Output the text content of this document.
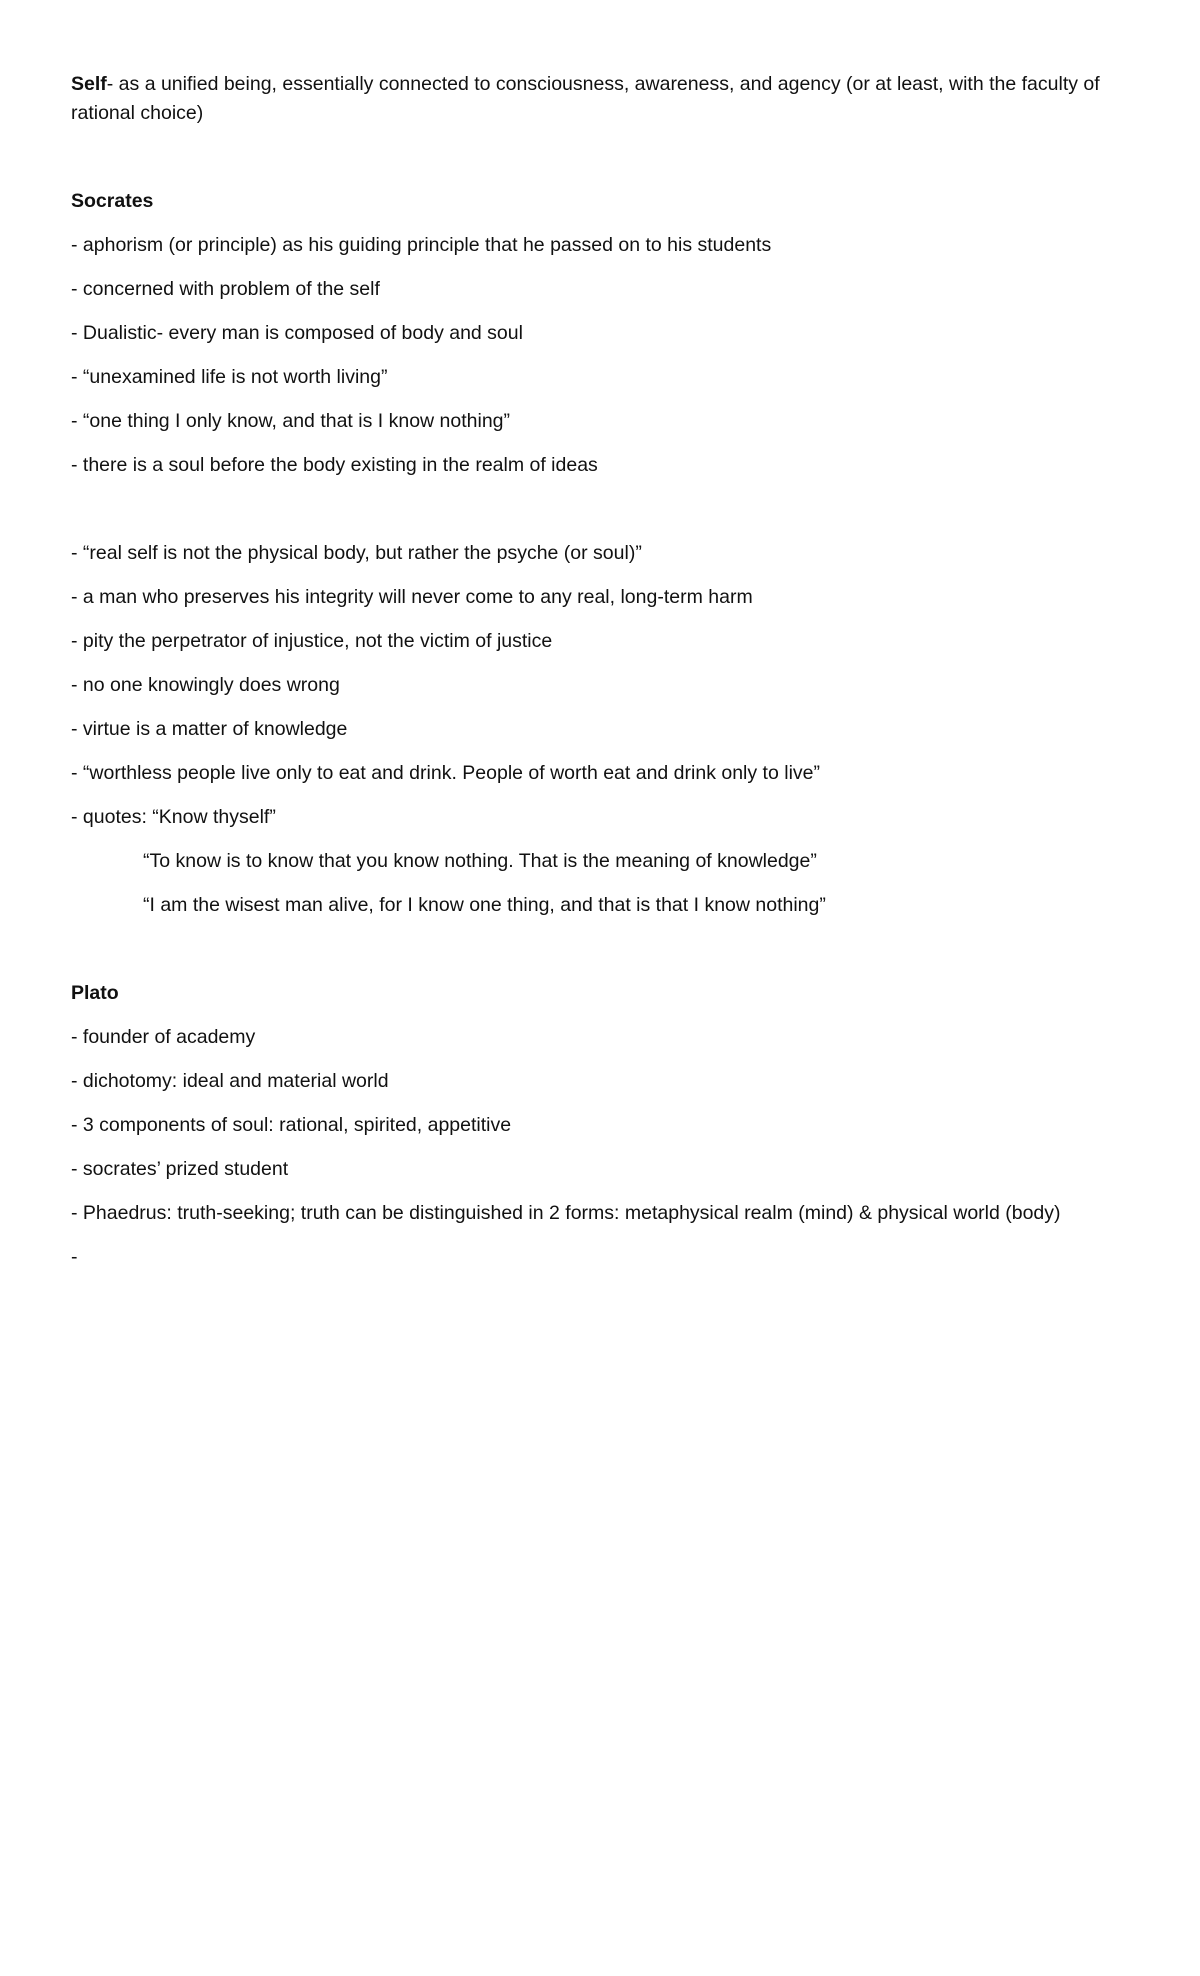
Self- as a unified being, essentially connected to consciousness, awareness, and agency (or at least, with the faculty of rational choice)

Socrates
- aphorism (or principle) as his guiding principle that he passed on to his students
- concerned with problem of the self
- Dualistic- every man is composed of body and soul
- “unexamined life is not worth living”
- “one thing I only know, and that is I know nothing”
- there is a soul before the body existing in the realm of ideas
- “real self is not the physical body, but rather the psyche (or soul)”
- a man who preserves his integrity will never come to any real, long-term harm
- pity the perpetrator of injustice, not the victim of justice
- no one knowingly does wrong
- virtue is a matter of knowledge
- “worthless people live only to eat and drink. People of worth eat and drink only to live”
- quotes: “Know thyself”
“To know is to know that you know nothing. That is the meaning of knowledge”
“I am the wisest man alive, for I know one thing, and that is that I know nothing”
Plato
- founder of academy
- dichotomy: ideal and material world
- 3 components of soul: rational, spirited, appetitive
- socrates’ prized student
- Phaedrus: truth-seeking; truth can be distinguished in 2 forms: metaphysical realm (mind) & physical world (body)
-
